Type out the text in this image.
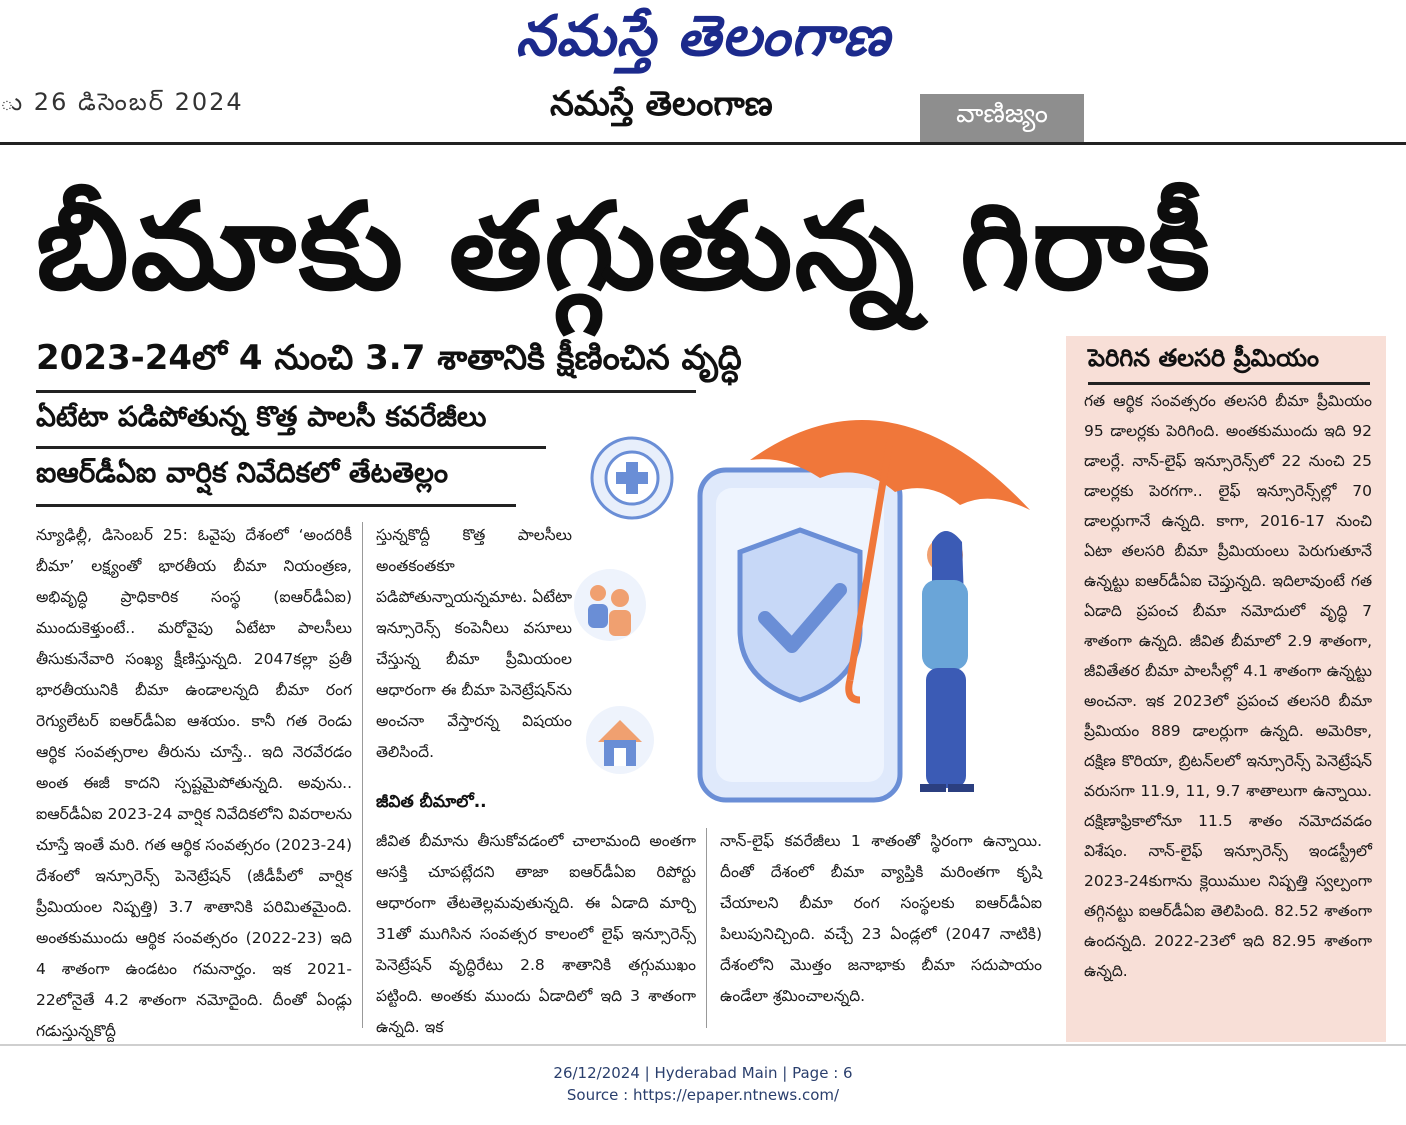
నమస్తే తెలంగాణ
ు 26 డిసెంబర్ 2024	నమస్తే తెలంగాణ	వాణిజ్యం
బీమాకు తగ్గుతున్న గిరాకీ
2023-24లో 4 నుంచి 3.7 శాతానికి క్షీణించిన వృద్ధి
ఏటేటా పడిపోతున్న కొత్త పాలసీ కవరేజీలు
ఐఆర్‌డీఏఐ వార్షిక నివేదికలో తేటతెల్లం
న్యూఢిల్లీ, డిసెంబర్ 25: ఓవైపు దేశంలో ‘అందరికీ బీమా’ లక్ష్యంతో భారతీయ బీమా నియంత్రణ, అభివృద్ధి ప్రాధికారిక సంస్థ (ఐఆర్‌డీఏఐ) ముందుకెళ్తుంటే.. మరోవైపు ఏటేటా పాలసీలు తీసుకునేవారి సంఖ్య క్షీణిస్తున్నది. 2047కల్లా ప్రతీ భారతీయునికి బీమా ఉండాలన్నది బీమా రంగ రెగ్యులేటర్ ఐఆర్‌డీఏఐ ఆశయం. కానీ గత రెండు ఆర్థిక సంవత్సరాల తీరును చూస్తే.. ఇది నెరవేరడం అంత ఈజీ కాదని స్పష్టమైపోతున్నది. అవును.. ఐఆర్‌డీఏఐ 2023-24 వార్షిక నివేదికలోని వివరాలను చూస్తే ఇంతే మరి. గత ఆర్థిక సంవత్సరం (2023-24) దేశంలో ఇన్సూరెన్స్ పెనెట్రేషన్ (జీడీపీలో వార్షిక ప్రీమియంల నిష్పత్తి) 3.7 శాతానికి పరిమితమైంది. అంతకుముందు ఆర్థిక సంవత్సరం (2022-23) ఇది 4 శాతంగా ఉండటం గమనార్హం. ఇక 2021-22లోనైతే 4.2 శాతంగా నమోదైంది. దీంతో ఏండ్లు గడుస్తున్నకొద్దీ
స్తున్నకొద్దీ కొత్త పాలసీలు అంతకంతకూ పడిపోతున్నాయన్నమాట. ఏటేటా ఇన్సూరెన్స్ కంపెనీలు వసూలు చేస్తున్న బీమా ప్రీమియంల ఆధారంగా ఈ బీమా పెనెట్రేషన్‌ను అంచనా వేస్తారన్న విషయం తెలిసిందే.
జీవిత బీమాలో..
జీవిత బీమాను తీసుకోవడంలో చాలామంది అంతగా ఆసక్తి చూపట్లేదని తాజా ఐఆర్‌డీఏఐ రిపోర్టు ఆధారంగా తేటతెల్లమవుతున్నది. ఈ ఏడాది మార్చి 31తో ముగిసిన సంవత్సర కాలంలో లైఫ్ ఇన్సూరెన్స్ పెనెట్రేషన్ వృద్ధిరేటు 2.8 శాతానికి తగ్గుముఖం పట్టింది. అంతకు ముందు ఏడాదిలో ఇది 3 శాతంగా ఉన్నది. ఇక
నాన్-లైఫ్ కవరేజీలు 1 శాతంతో స్థిరంగా ఉన్నాయి. దీంతో దేశంలో బీమా వ్యాప్తికి మరింతగా కృషి చేయాలని బీమా రంగ సంస్థలకు ఐఆర్‌డీఏఐ పిలుపునిచ్చింది. వచ్చే 23 ఏండ్లలో (2047 నాటికి) దేశంలోని మొత్తం జనాభాకు బీమా సదుపాయం ఉండేలా శ్రమించాలన్నది.
పెరిగిన తలసరి ప్రీమియం
గత ఆర్థిక సంవత్సరం తలసరి బీమా ప్రీమియం 95 డాలర్లకు పెరిగింది. అంతకుముందు ఇది 92 డాలర్లే. నాన్-లైఫ్ ఇన్సూరెన్స్‌లో 22 నుంచి 25 డాలర్లకు పెరగగా.. లైఫ్ ఇన్సూరెన్స్‌ల్లో 70 డాలర్లుగానే ఉన్నది. కాగా, 2016-17 నుంచి ఏటా తలసరి బీమా ప్రీమియంలు పెరుగుతూనే ఉన్నట్టు ఐఆర్‌డీఏఐ చెప్తున్నది. ఇదిలావుంటే గత ఏడాది ప్రపంచ బీమా నమోదులో వృద్ధి 7 శాతంగా ఉన్నది. జీవిత బీమాలో 2.9 శాతంగా, జీవితేతర బీమా పాలసీల్లో 4.1 శాతంగా ఉన్నట్టు అంచనా. ఇక 2023లో ప్రపంచ తలసరి బీమా ప్రీమియం 889 డాలర్లుగా ఉన్నది. అమెరికా, దక్షిణ కొరియా, బ్రిటన్‌లలో ఇన్సూరెన్స్ పెనెట్రేషన్ వరుసగా 11.9, 11, 9.7 శాతాలుగా ఉన్నాయి. దక్షిణాఫ్రికాలోనూ 11.5 శాతం నమోదవడం విశేషం. నాన్-లైఫ్ ఇన్సూరెన్స్ ఇండస్ట్రీలో 2023-24కుగాను క్లెయిముల నిష్పత్తి స్వల్పంగా తగ్గినట్టు ఐఆర్‌డీఏఐ తెలిపింది. 82.52 శాతంగా ఉందన్నది. 2022-23లో ఇది 82.95 శాతంగా ఉన్నది.
26/12/2024 | Hyderabad Main | Page : 6
Source : https://epaper.ntnews.com/
